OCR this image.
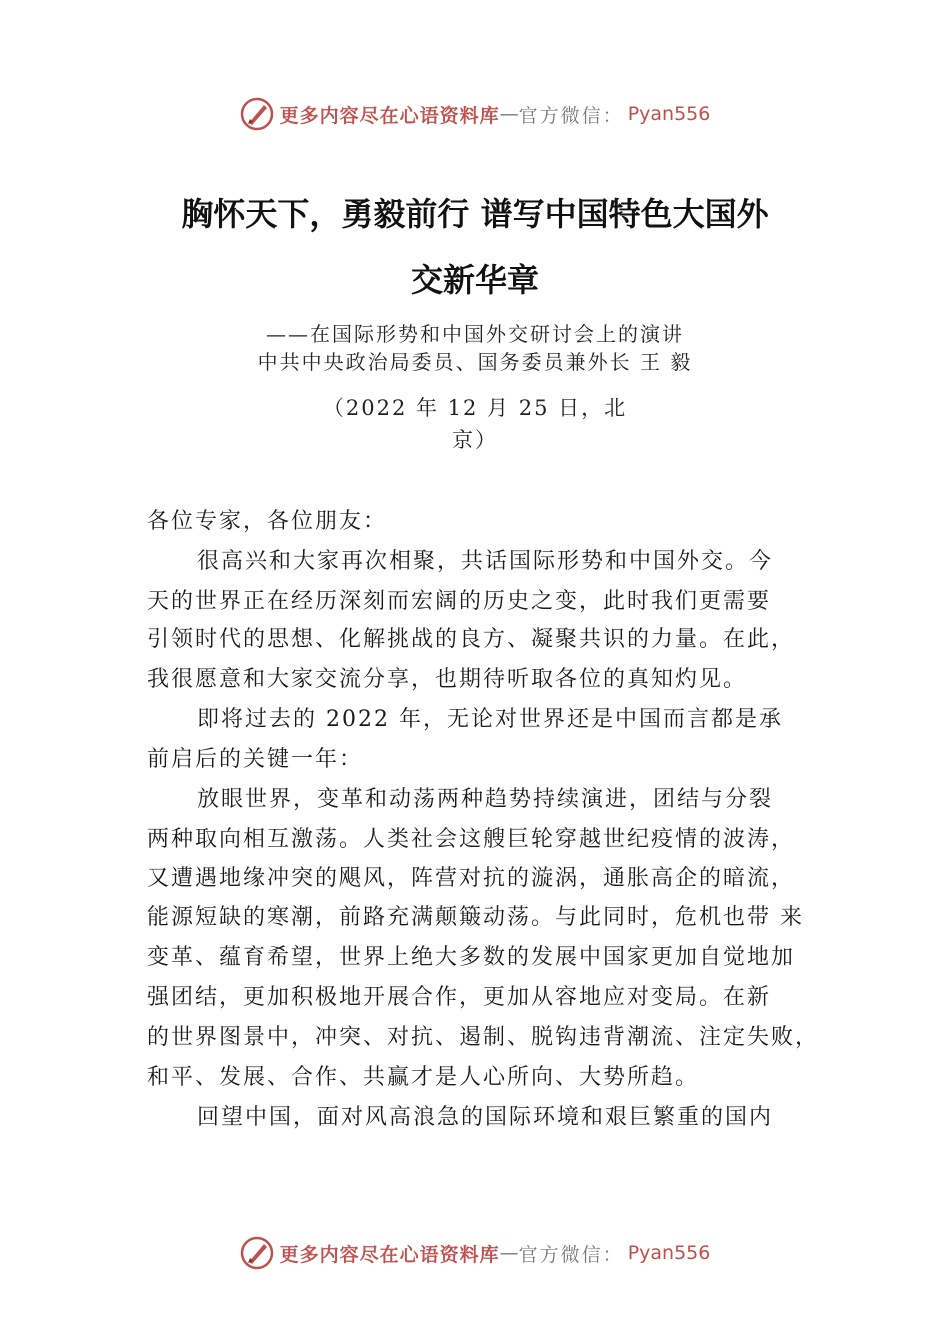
更多内容尽在心语资料库 — 官方微信： Pyan556
胸怀天下，勇毅前行 谱写中国特色大国外
交新华章
——在国际形势和中国外交研讨会上的演讲
中共中央政治局委员、国务委员兼外长 王 毅
（2022 年 12 月 25 日，北
京）
各位专家，各位朋友：
很高兴和大家再次相聚，共话国际形势和中国外交。今
天的世界正在经历深刻而宏阔的历史之变，此时我们更需要
引领时代的思想、化解挑战的良方、凝聚共识的力量。在此，
我很愿意和大家交流分享，也期待听取各位的真知灼见。
即将过去的 2022 年，无论对世界还是中国而言都是承
前启后的关键一年：
放眼世界，变革和动荡两种趋势持续演进，团结与分裂
两种取向相互激荡。人类社会这艘巨轮穿越世纪疫情的波涛，
又遭遇地缘冲突的飓风，阵营对抗的漩涡，通胀高企的暗流，
能源短缺的寒潮，前路充满颠簸动荡。与此同时，危机也带 来
变革、蕴育希望，世界上绝大多数的发展中国家更加自觉地加
强团结，更加积极地开展合作，更加从容地应对变局。在新
的世界图景中，冲突、对抗、遏制、脱钩违背潮流、注定失败，
和平、发展、合作、共赢才是人心所向、大势所趋。
回望中国，面对风高浪急的国际环境和艰巨繁重的国内
更多内容尽在心语资料库 — 官方微信： Pyan556
